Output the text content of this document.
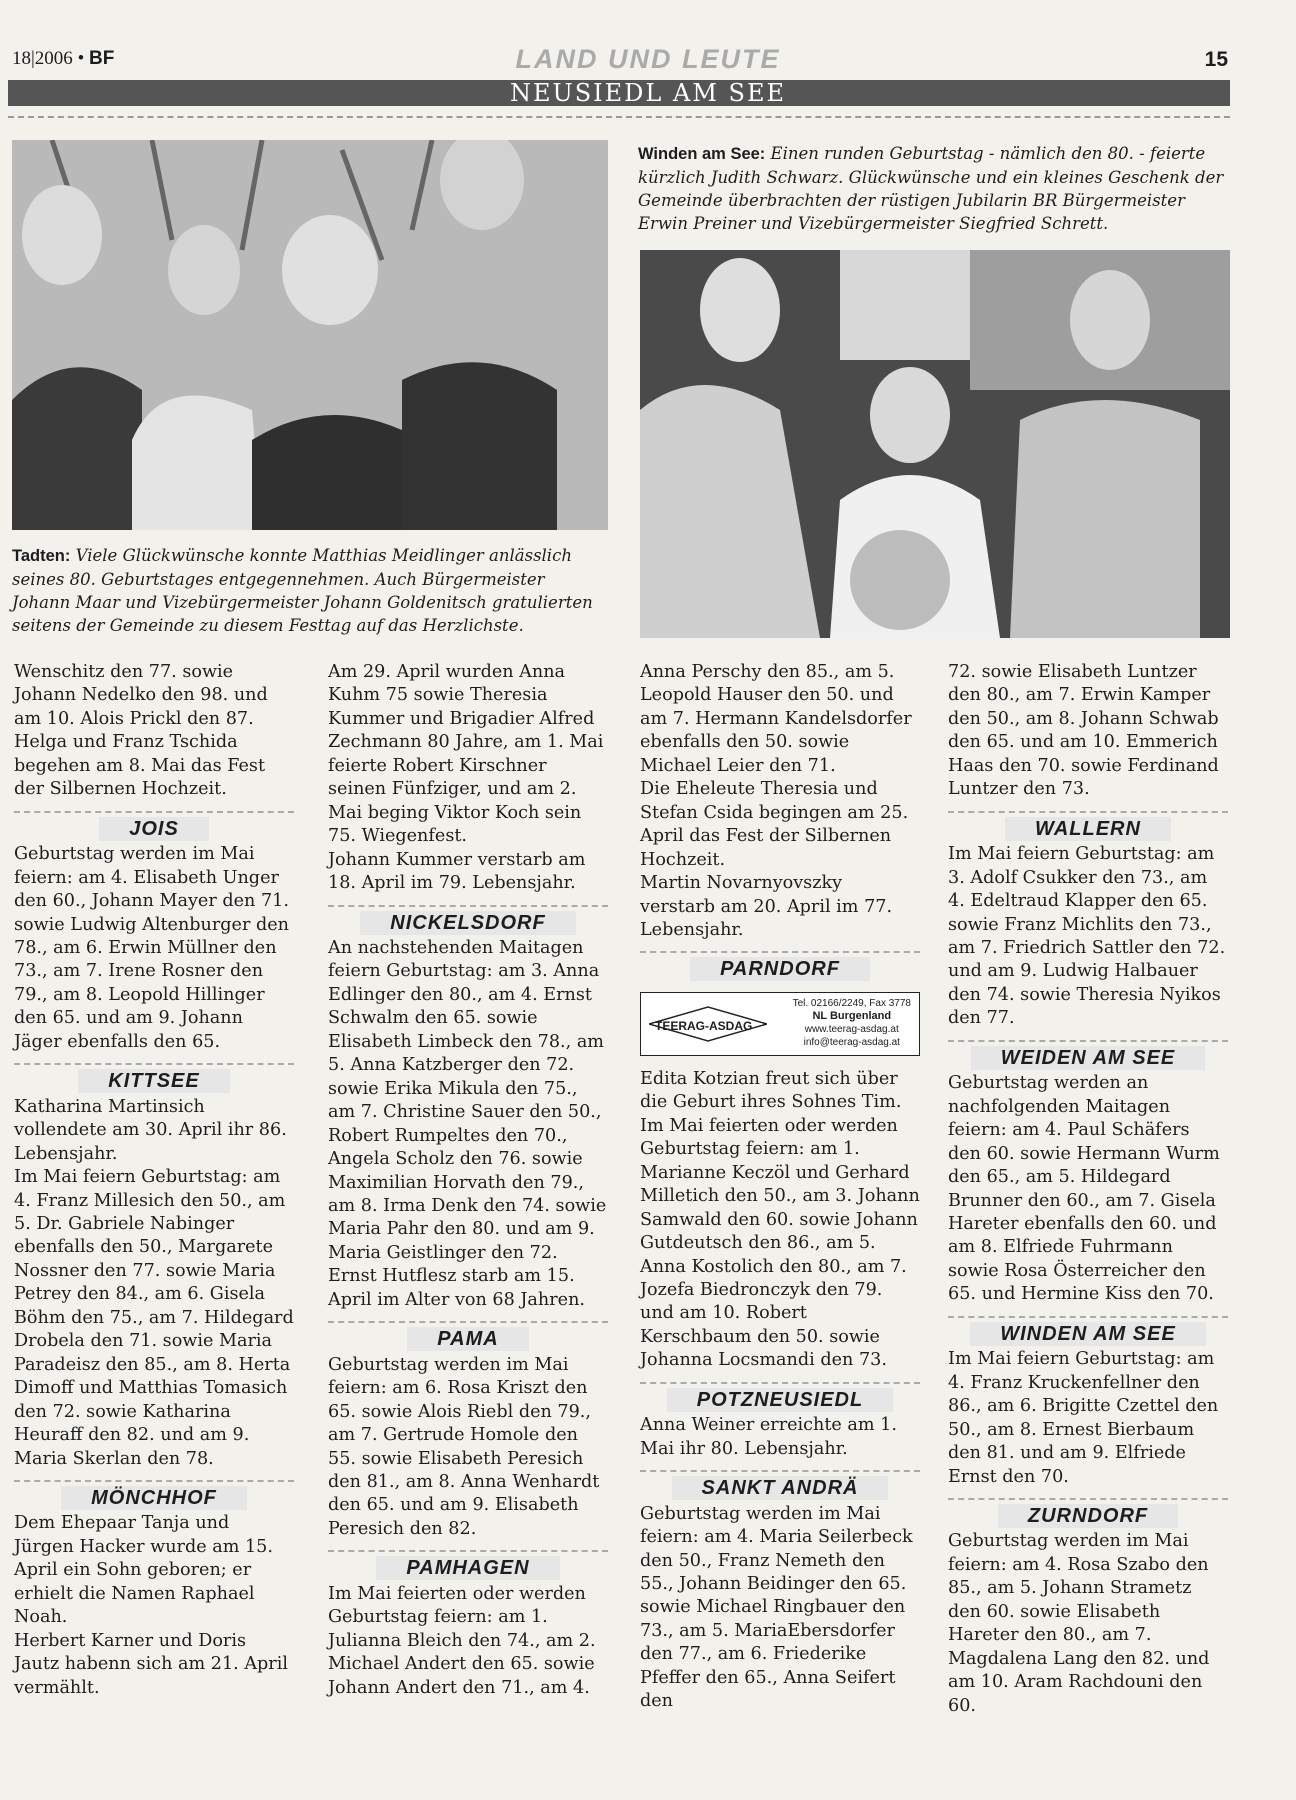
18|2006 • BF	LAND UND LEUTE	15
NEUSIEDL AM SEE
Tadten: Viele Glückwünsche konnte Matthias Meidlinger anlässlich seines 80. Geburtstages entgegennehmen. Auch Bürgermeister Johann Maar und Vizebürgermeister Johann Goldenitsch gratulierten seitens der Gemeinde zu diesem Festtag auf das Herzlichste.
Winden am See: Einen runden Geburtstag - nämlich den 80. - feierte kürzlich Judith Schwarz. Glückwünsche und ein kleines Geschenk der Gemeinde überbrachten der rüstigen Jubilarin BR Bürgermeister Erwin Preiner und Vizebürgermeister Siegfried Schrett.

Wenschitz den 77. sowie Johann Nedelko den 98. und am 10. Alois Prickl den 87.

Helga und Franz Tschida begehen am 8. Mai das Fest der Silbernen Hochzeit.

JOIS

Geburtstag werden im Mai feiern: am 4. Elisabeth Unger den 60., Johann Mayer den 71. sowie Ludwig Altenburger den 78., am 6. Erwin Müllner den 73., am 7. Irene Rosner den 79., am 8. Leopold Hillinger den 65. und am 9. Johann Jäger ebenfalls den 65.

KITTSEE

Katharina Martinsich vollendete am 30. April ihr 86. Lebensjahr.

Im Mai feiern Geburtstag: am 4. Franz Millesich den 50., am 5. Dr. Gabriele Nabinger ebenfalls den 50., Margarete Nossner den 77. sowie Maria Petrey den 84., am 6. Gisela Böhm den 75., am 7. Hildegard Drobela den 71. sowie Maria Paradeisz den 85., am 8. Herta Dimoff und Matthias Tomasich den 72. sowie Katharina Heuraff den 82. und am 9. Maria Skerlan den 78.

MÖNCHHOF

Dem Ehepaar Tanja und Jürgen Hacker wurde am 15. April ein Sohn geboren; er erhielt die Namen Raphael Noah.

Herbert Karner und Doris Jautz habenn sich am 21. April vermählt.

Am 29. April wurden Anna Kuhm 75 sowie Theresia Kummer und Brigadier Alfred Zechmann 80 Jahre, am 1. Mai feierte Robert Kirschner seinen Fünfziger, und am 2. Mai beging Viktor Koch sein 75. Wiegenfest.

Johann Kummer verstarb am 18. April im 79. Lebensjahr.

NICKELSDORF

An nachstehenden Maitagen feiern Geburtstag: am 3. Anna Edlinger den 80., am 4. Ernst Schwalm den 65. sowie Elisabeth Limbeck den 78., am 5. Anna Katzberger den 72. sowie Erika Mikula den 75., am 7. Christine Sauer den 50., Robert Rumpeltes den 70., Angela Scholz den 76. sowie Maximilian Horvath den 79., am 8. Irma Denk den 74. sowie Maria Pahr den 80. und am 9. Maria Geistlinger den 72.

Ernst Hutflesz starb am 15. April im Alter von 68 Jahren.

PAMA

Geburtstag werden im Mai feiern: am 6. Rosa Kriszt den 65. sowie Alois Riebl den 79., am 7. Gertrude Homole den 55. sowie Elisabeth Peresich den 81., am 8. Anna Wenhardt den 65. und am 9. Elisabeth Peresich den 82.

PAMHAGEN

Im Mai feierten oder werden Geburtstag feiern: am 1. Julianna Bleich den 74., am 2. Michael Andert den 65. sowie Johann Andert den 71., am 4.

Anna Perschy den 85., am 5. Leopold Hauser den 50. und am 7. Hermann Kandelsdorfer ebenfalls den 50. sowie Michael Leier den 71.

Die Eheleute Theresia und Stefan Csida begingen am 25. April das Fest der Silbernen Hochzeit.

Martin Novarnyovszky verstarb am 20. April im 77. Lebensjahr.

PARNDORF
TEERAG-ASDAG
Tel. 02166/2249, Fax 3778
NL Burgenland
www.teerag-asdag.at
info@teerag-asdag.at

Edita Kotzian freut sich über die Geburt ihres Sohnes Tim.

Im Mai feierten oder werden Geburtstag feiern: am 1. Marianne Keczöl und Gerhard Milletich den 50., am 3. Johann Samwald den 60. sowie Johann Gutdeutsch den 86., am 5. Anna Kostolich den 80., am 7. Jozefa Biedronczyk den 79. und am 10. Robert Kerschbaum den 50. sowie Johanna Locsmandi den 73.

POTZNEUSIEDL

Anna Weiner erreichte am 1. Mai ihr 80. Lebensjahr.

SANKT ANDRÄ

Geburtstag werden im Mai feiern: am 4. Maria Seilerbeck den 50., Franz Nemeth den 55., Johann Beidinger den 65. sowie Michael Ringbauer den 73., am 5. MariaEbersdorfer den 77., am 6. Friederike Pfeffer den 65., Anna Seifert den

72. sowie Elisabeth Luntzer den 80., am 7. Erwin Kamper den 50., am 8. Johann Schwab den 65. und am 10. Emmerich Haas den 70. sowie Ferdinand Luntzer den 73.

WALLERN

Im Mai feiern Geburtstag: am 3. Adolf Csukker den 73., am 4. Edeltraud Klapper den 65. sowie Franz Michlits den 73., am 7. Friedrich Sattler den 72. und am 9. Ludwig Halbauer den 74. sowie Theresia Nyikos den 77.

WEIDEN AM SEE

Geburtstag werden an nachfolgenden Maitagen feiern: am 4. Paul Schäfers den 60. sowie Hermann Wurm den 65., am 5. Hildegard Brunner den 60., am 7. Gisela Hareter ebenfalls den 60. und am 8. Elfriede Fuhrmann sowie Rosa Österreicher den 65. und Hermine Kiss den 70.

WINDEN AM SEE

Im Mai feiern Geburtstag: am 4. Franz Kruckenfellner den 86., am 6. Brigitte Czettel den 50., am 8. Ernest Bierbaum den 81. und am 9. Elfriede Ernst den 70.

ZURNDORF

Geburtstag werden im Mai feiern: am 4. Rosa Szabo den 85., am 5. Johann Strametz den 60. sowie Elisabeth Hareter den 80., am 7. Magdalena Lang den 82. und am 10. Aram Rachdouni den 60.
